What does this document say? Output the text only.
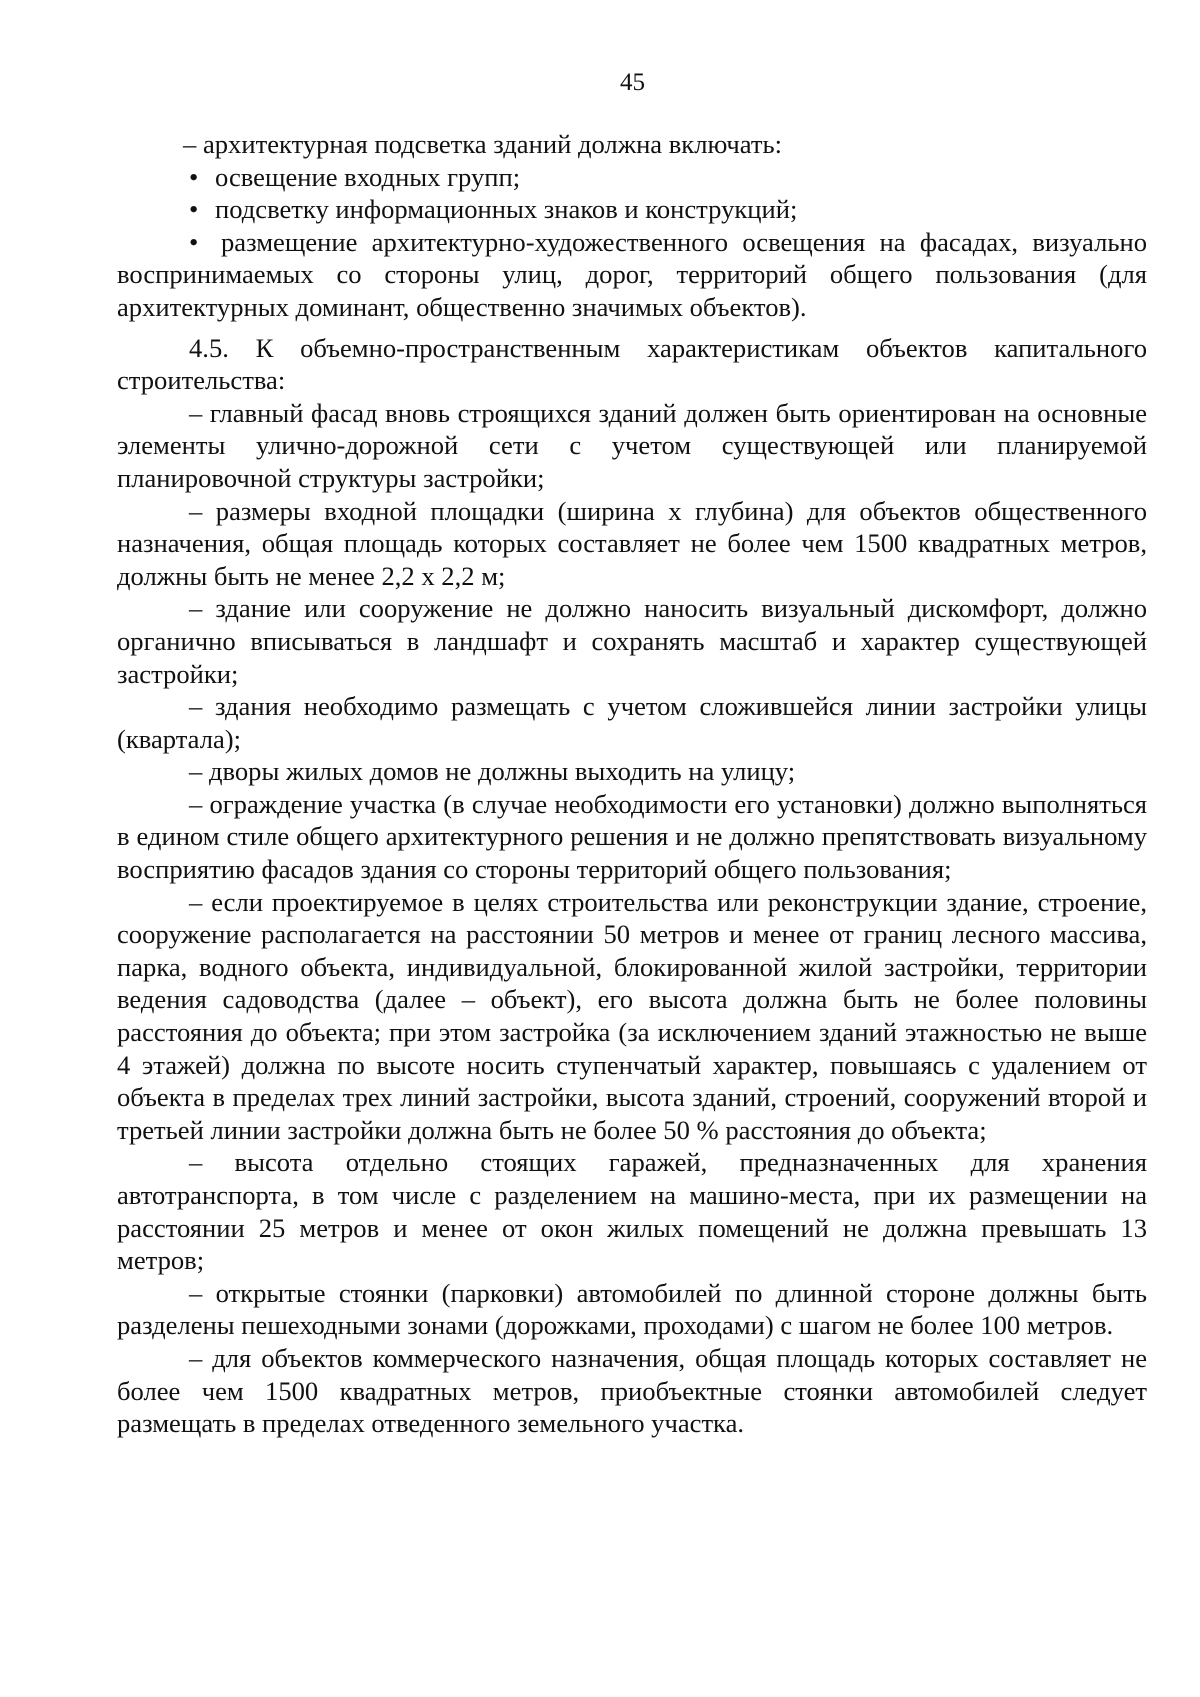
45

– архитектурная подсветка зданий должна включать:

• освещение входных групп;

• подсветку информационных знаков и конструкций;

• размещение архитектурно-художественного освещения на фасадах, визуально воспринимаемых со стороны улиц, дорог, территорий общего пользования (для архитектурных доминант, общественно значимых объектов).

4.5. К объемно-пространственным характеристикам объектов капитального строительства:

– главный фасад вновь строящихся зданий должен быть ориентирован на основные элементы улично-дорожной сети с учетом существующей или планируемой планировочной структуры застройки;

– размеры входной площадки (ширина х глубина) для объектов общественного назначения, общая площадь которых составляет не более чем 1500 квадратных метров, должны быть не менее 2,2 х 2,2 м;

– здание или сооружение не должно наносить визуальный дискомфорт, должно органично вписываться в ландшафт и сохранять масштаб и характер существующей застройки;

– здания необходимо размещать с учетом сложившейся линии застройки улицы (квартала);

– дворы жилых домов не должны выходить на улицу;

– ограждение участка (в случае необходимости его установки) должно выполняться в едином стиле общего архитектурного решения и не должно препятствовать визуальному восприятию фасадов здания со стороны территорий общего пользования;

– если проектируемое в целях строительства или реконструкции здание, строение, сооружение располагается на расстоянии 50 метров и менее от границ лесного массива, парка, водного объекта, индивидуальной, блокированной жилой застройки, территории ведения садоводства (далее – объект), его высота должна быть не более половины расстояния до объекта; при этом застройка (за исключением зданий этажностью не выше 4 этажей) должна по высоте носить ступенчатый характер, повышаясь с удалением от объекта в пределах трех линий застройки, высота зданий, строений, сооружений второй и третьей линии застройки должна быть не более 50 % расстояния до объекта;

– высота отдельно стоящих гаражей, предназначенных для хранения автотранспорта, в том числе с разделением на машино-места, при их размещении на расстоянии 25 метров и менее от окон жилых помещений не должна превышать 13 метров;

– открытые стоянки (парковки) автомобилей по длинной стороне должны быть разделены пешеходными зонами (дорожками, проходами) с шагом не более 100 метров.

– для объектов коммерческого назначения, общая площадь которых составляет не более чем 1500 квадратных метров, приобъектные стоянки автомобилей следует размещать в пределах отведенного земельного участка.
